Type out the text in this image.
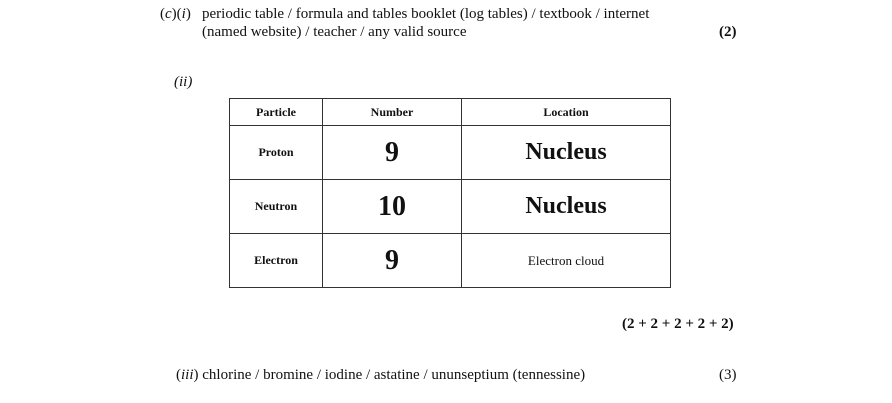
(c)(i) periodic table / formula and tables booklet (log tables) / textbook / internet
(named website) / teacher / any valid source	(2)
(ii)
Particle	Number	Location
Proton	9	Nucleus
Neutron	10	Nucleus
Electron	9	Electron cloud
(2 + 2 + 2 + 2 + 2)
(iii) chlorine / bromine / iodine / astatine / ununseptium (tennessine)	(3)
